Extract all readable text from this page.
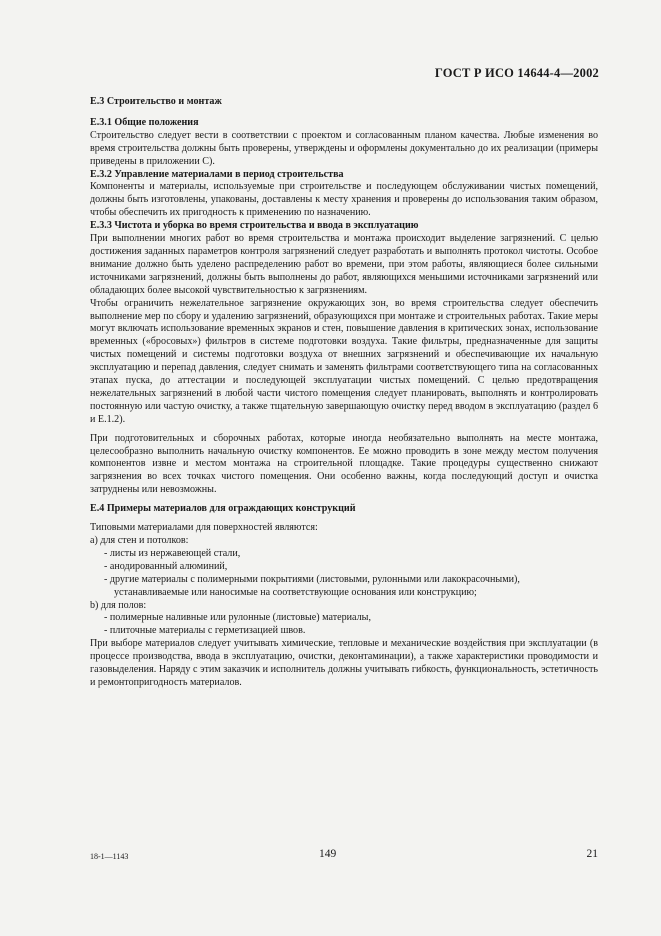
ГОСТ Р ИСО 14644-4—2002

Е.3 Строительство и монтаж

Е.3.1 Общие положения

Строительство следует вести в соответствии с проектом и согласованным планом качества. Любые изменения во время строительства должны быть проверены, утверждены и оформлены документально до их реализации (примеры приведены в приложении С).

Е.3.2 Управление материалами в период строительства

Компоненты и материалы, используемые при строительстве и последующем обслуживании чистых помещений, должны быть изготовлены, упакованы, доставлены к месту хранения и проверены до использования таким образом, чтобы обеспечить их пригодность к применению по назначению.

Е.3.3 Чистота и уборка во время строительства и ввода в эксплуатацию

При выполнении многих работ во время строительства и монтажа происходит выделение загрязнений. С целью достижения заданных параметров контроля загрязнений следует разработать и выполнять протокол чистоты. Особое внимание должно быть уделено распределению работ во времени, при этом работы, являющиеся более сильными источниками загрязнений, должны быть выполнены до работ, являющихся меньшими источниками загрязнений или обладающих более высокой чувствительностью к загрязнениям.

Чтобы ограничить нежелательное загрязнение окружающих зон, во время строительства следует обеспечить выполнение мер по сбору и удалению загрязнений, образующихся при монтаже и строительных работах. Такие меры могут включать использование временных экранов и стен, повышение давления в критических зонах, использование временных («бросовых») фильтров в системе подготовки воздуха. Такие фильтры, предназначенные для защиты чистых помещений и системы подготовки воздуха от внешних загрязнений и обеспечивающие их начальную эксплуатацию и перепад давления, следует снимать и заменять фильтрами соответствующего типа на согласованных этапах пуска, до аттестации и последующей эксплуатации чистых помещений. С целью предотвращения нежелательных загрязнений в любой части чистого помещения следует планировать, выполнять и контролировать постоянную или частую очистку, а также тщательную завершающую очистку перед вводом в эксплуатацию (раздел 6 и Е.1.2).

При подготовительных и сборочных работах, которые иногда необязательно выполнять на месте монтажа, целесообразно выполнить начальную очистку компонентов. Ее можно проводить в зоне между местом получения компонентов извне и местом монтажа на строительной площадке. Такие процедуры существенно снижают загрязнения во всех точках чистого помещения. Они особенно важны, когда последующий доступ и очистка затруднены или невозможны.

Е.4 Примеры материалов для ограждающих конструкций

Типовыми материалами для поверхностей являются:

a) для стен и потолков:

- листы из нержавеющей стали,

- анодированный алюминий,

- другие материалы с полимерными покрытиями (листовыми, рулонными или лакокрасочными),

устанавливаемые или наносимые на соответствующие основания или конструкцию;

b) для полов:

- полимерные наливные или рулонные (листовые) материалы,

- плиточные материалы с герметизацией швов.

При выборе материалов следует учитывать химические, тепловые и механические воздействия при эксплуатации (в процессе производства, ввода в эксплуатацию, очистки, деконтаминации), а также характеристики проводимости и газовыделения. Наряду с этим заказчик и исполнитель должны учитывать гибкость, функциональность, эстетичность и ремонтопригодность материалов.

18-1—1143	149	21
